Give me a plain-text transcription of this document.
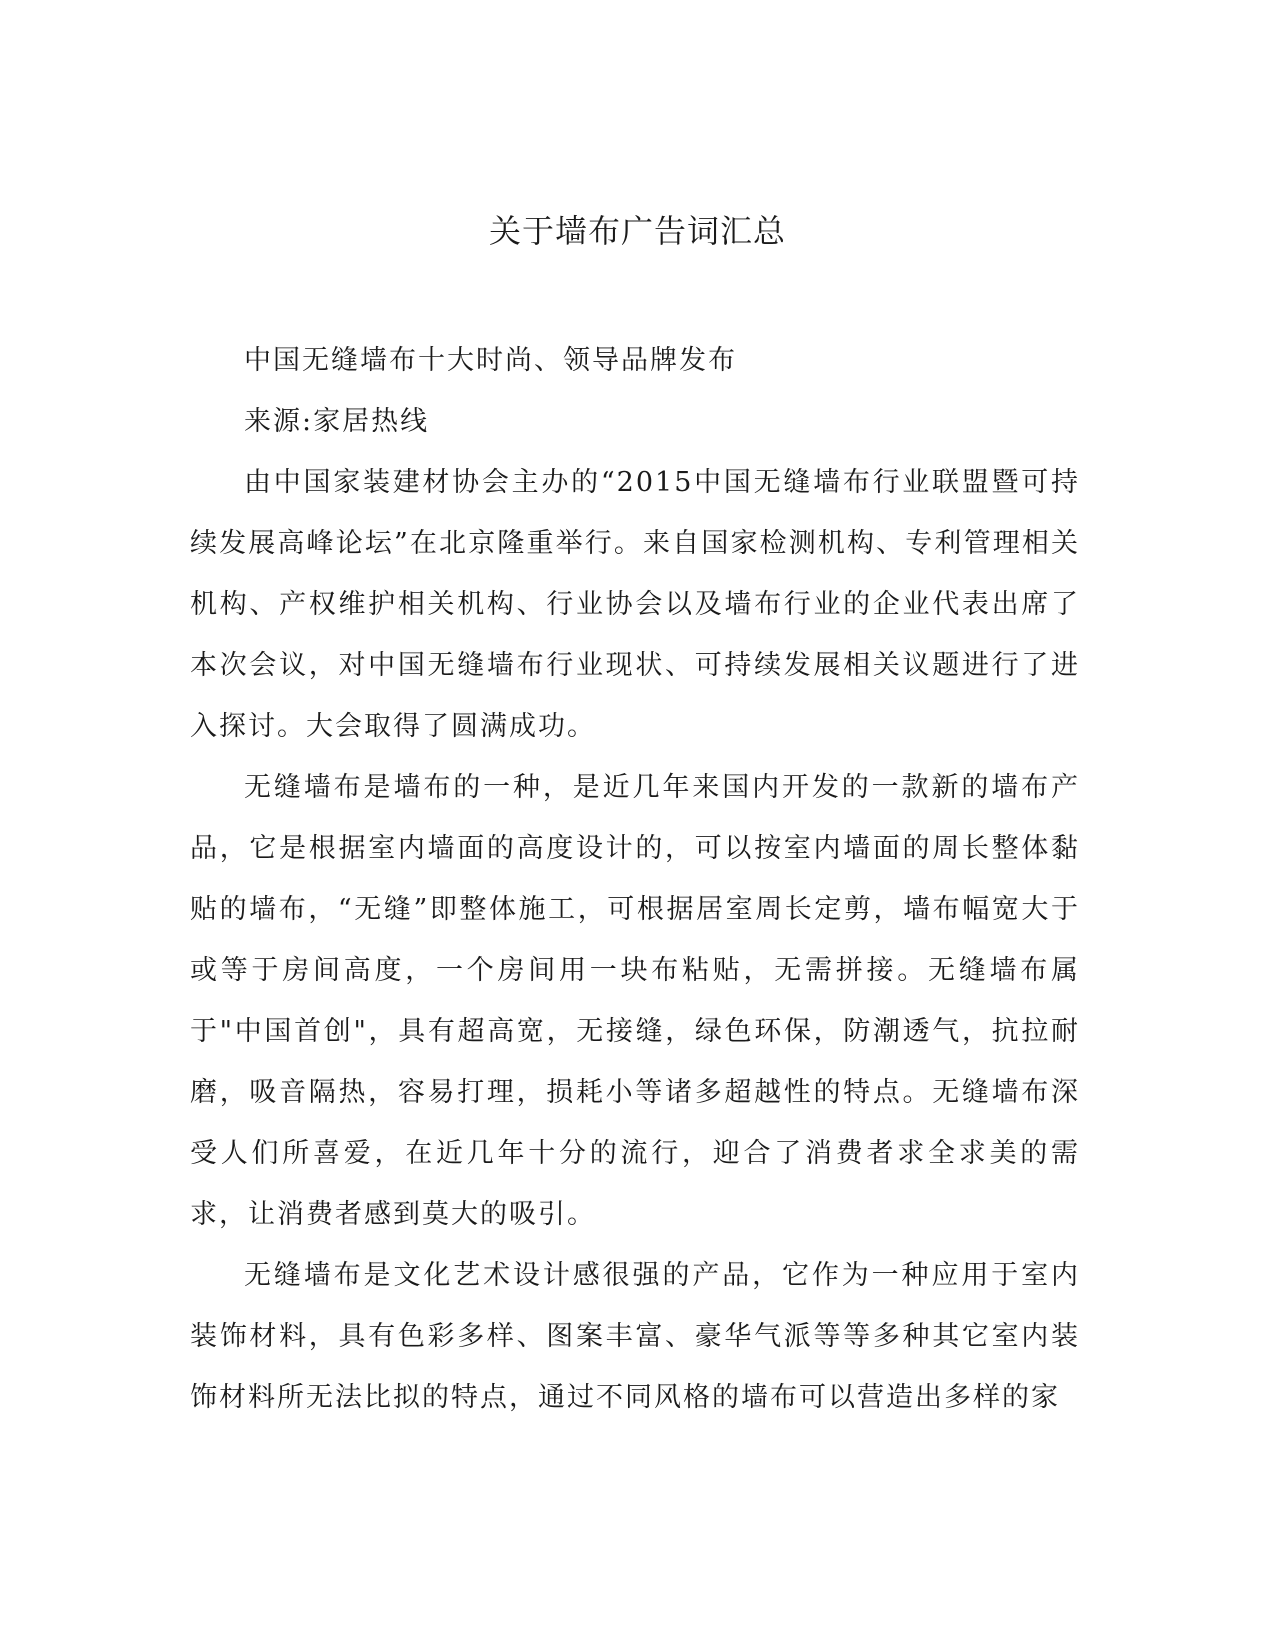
关于墙布广告词汇总

中国无缝墙布十大时尚、领导品牌发布

来源:家居热线

由中国家装建材协会主办的“2015中国无缝墙布行业联盟暨可持续发展高峰论坛”在北京隆重举行。来自国家检测机构、专利管理相关机构、产权维护相关机构、行业协会以及墙布行业的企业代表出席了本次会议，对中国无缝墙布行业现状、可持续发展相关议题进行了进入探讨。大会取得了圆满成功。

无缝墙布是墙布的一种，是近几年来国内开发的一款新的墙布产品，它是根据室内墙面的高度设计的，可以按室内墙面的周长整体黏贴的墙布，“无缝”即整体施工，可根据居室周长定剪，墙布幅宽大于或等于房间高度，一个房间用一块布粘贴，无需拼接。无缝墙布属于"中国首创"，具有超高宽，无接缝，绿色环保，防潮透气，抗拉耐磨，吸音隔热，容易打理，损耗小等诸多超越性的特点。无缝墙布深受人们所喜爱，在近几年十分的流行，迎合了消费者求全求美的需求，让消费者感到莫大的吸引。

无缝墙布是文化艺术设计感很强的产品，它作为一种应用于室内装饰材料，具有色彩多样、图案丰富、豪华气派等等多种其它室内装饰材料所无法比拟的特点，通过不同风格的墙布可以营造出多样的家
